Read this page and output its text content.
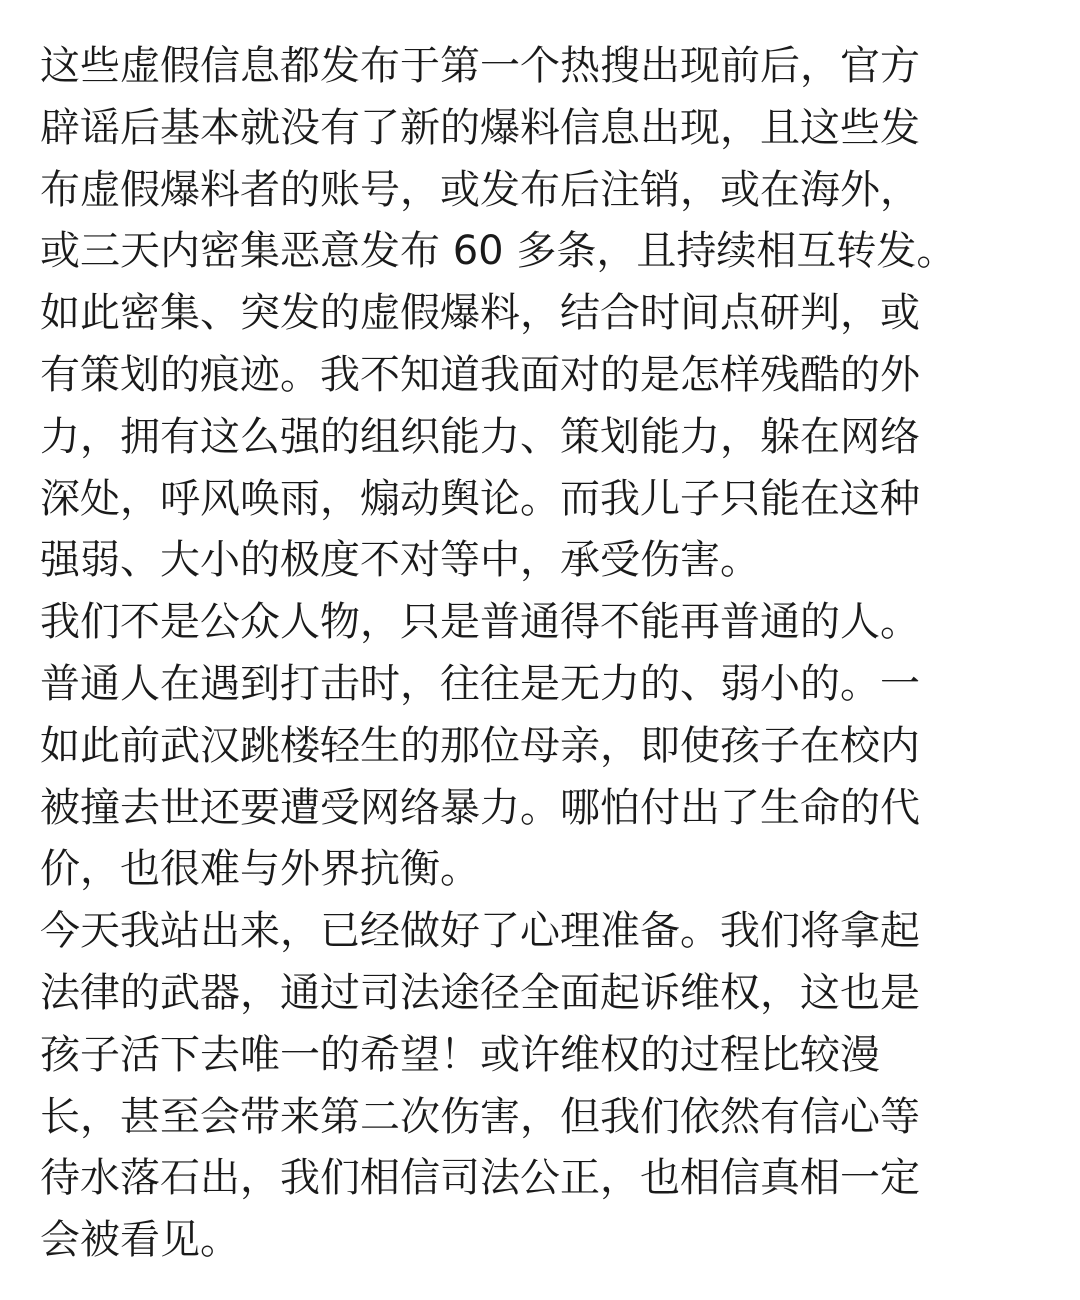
这些虚假信息都发布于第一个热搜出现前后，官方
辟谣后基本就没有了新的爆料信息出现，且这些发
布虚假爆料者的账号，或发布后注销，或在海外，
或三天内密集恶意发布 60 多条，且持续相互转发。
如此密集、突发的虚假爆料，结合时间点研判，或
有策划的痕迹。我不知道我面对的是怎样残酷的外
力，拥有这么强的组织能力、策划能力，躲在网络
深处，呼风唤雨，煽动舆论。而我儿子只能在这种
强弱、大小的极度不对等中，承受伤害。
我们不是公众人物，只是普通得不能再普通的人。
普通人在遇到打击时，往往是无力的、弱小的。一
如此前武汉跳楼轻生的那位母亲，即使孩子在校内
被撞去世还要遭受网络暴力。哪怕付出了生命的代
价，也很难与外界抗衡。
今天我站出来，已经做好了心理准备。我们将拿起
法律的武器，通过司法途径全面起诉维权，这也是
孩子活下去唯一的希望！或许维权的过程比较漫
长，甚至会带来第二次伤害，但我们依然有信心等
待水落石出，我们相信司法公正，也相信真相一定
会被看见。
